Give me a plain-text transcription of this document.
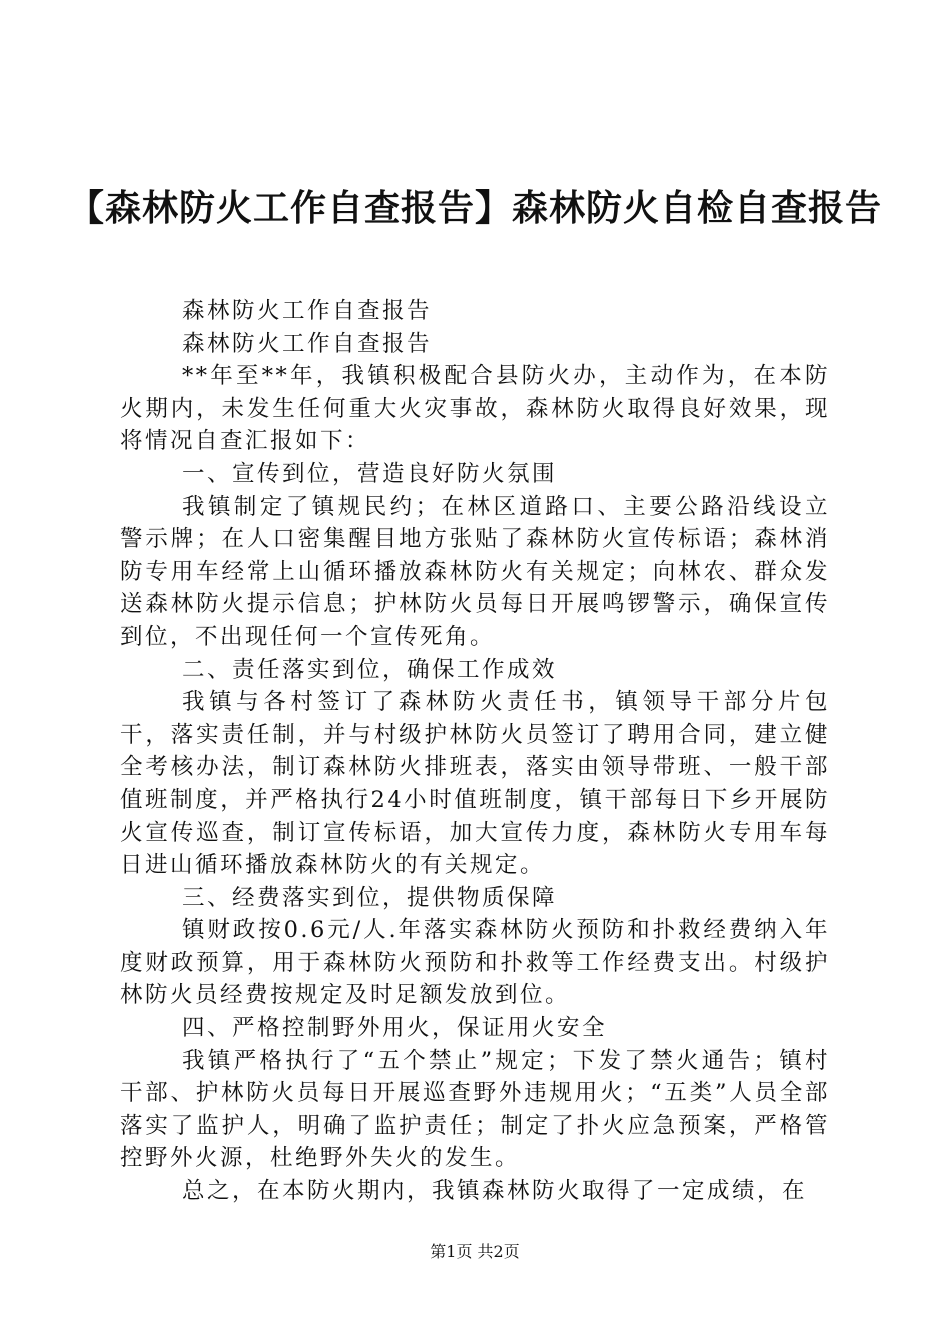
【森林防火工作自查报告】森林防火自检自查报告

森林防火工作自查报告

森林防火工作自查报告

**年至**年，我镇积极配合县防火办，主动作为，在本防火期内，未发生任何重大火灾事故，森林防火取得良好效果，现将情况自查汇报如下：

一、宣传到位，营造良好防火氛围

我镇制定了镇规民约；在林区道路口、主要公路沿线设立警示牌；在人口密集醒目地方张贴了森林防火宣传标语；森林消防专用车经常上山循环播放森林防火有关规定；向林农、群众发送森林防火提示信息；护林防火员每日开展鸣锣警示，确保宣传到位，不出现任何一个宣传死角。

二、责任落实到位，确保工作成效

我镇与各村签订了森林防火责任书，镇领导干部分片包干，落实责任制，并与村级护林防火员签订了聘用合同，建立健全考核办法，制订森林防火排班表，落实由领导带班、一般干部值班制度，并严格执行24小时值班制度，镇干部每日下乡开展防火宣传巡查，制订宣传标语，加大宣传力度，森林防火专用车每日进山循环播放森林防火的有关规定。

三、经费落实到位，提供物质保障

镇财政按0.6元/人.年落实森林防火预防和扑救经费纳入年度财政预算，用于森林防火预防和扑救等工作经费支出。村级护林防火员经费按规定及时足额发放到位。

四、严格控制野外用火，保证用火安全

我镇严格执行了“五个禁止”规定；下发了禁火通告；镇村干部、护林防火员每日开展巡查野外违规用火；“五类”人员全部落实了监护人，明确了监护责任；制定了扑火应急预案，严格管控野外火源，杜绝野外失火的发生。

总之，在本防火期内，我镇森林防火取得了一定成绩，在

第1页 共2页
